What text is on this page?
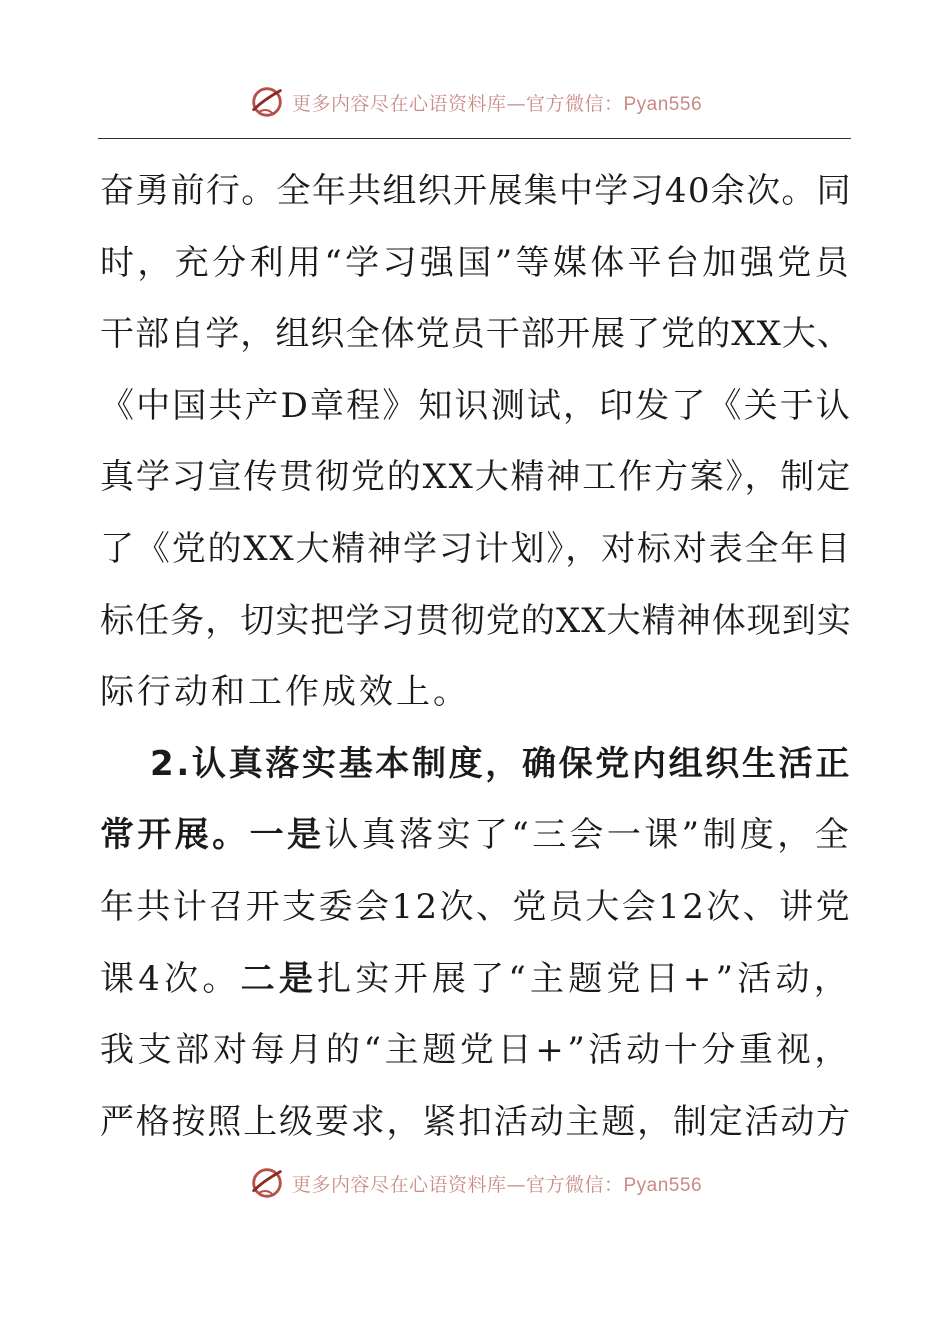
更多内容尽在心语资料库—官方微信：Pyan556
奋勇前行。全年共组织开展集中学习40余次。同
时，充分利用“学习强国”等媒体平台加强党员
干部自学，组织全体党员干部开展了党的XX大、
《中国共产D章程》知识测试，印发了《关于认
真学习宣传贯彻党的XX大精神工作方案》，制定
了《党的XX大精神学习计划》，对标对表全年目
标任务，切实把学习贯彻党的XX大精神体现到实
际行动和工作成效上。
2.认真落实基本制度，确保党内组织生活正
常开展。一是认真落实了“三会一课”制度，全
年共计召开支委会12次、党员大会12次、讲党
课4次。二是扎实开展了“主题党日+”活动，
我支部对每月的“主题党日+”活动十分重视，
严格按照上级要求，紧扣活动主题，制定活动方
更多内容尽在心语资料库—官方微信：Pyan556
